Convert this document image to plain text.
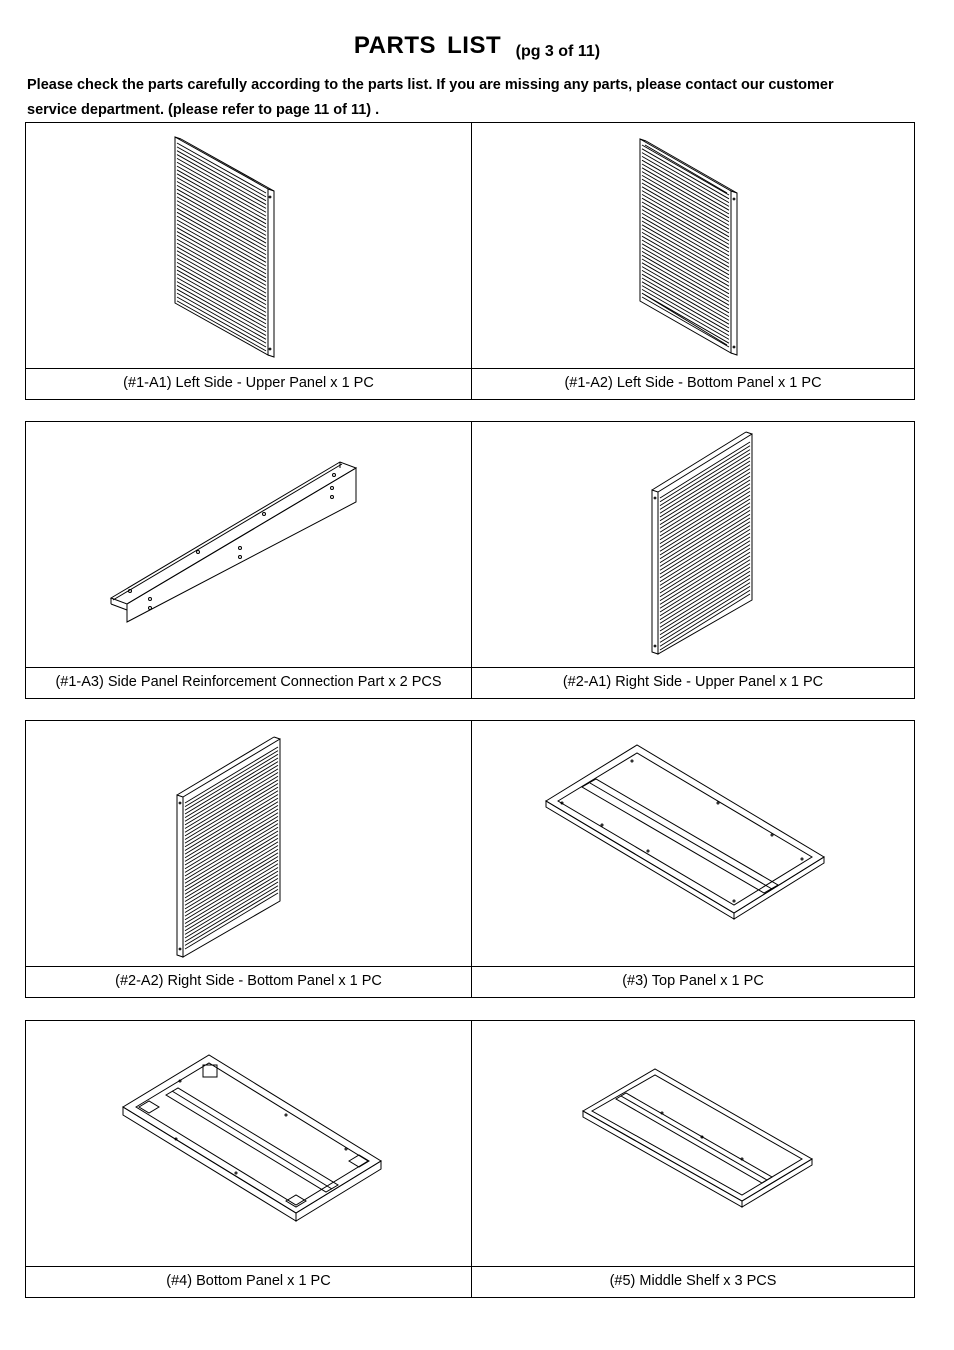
PARTS LIST (pg 3 of 11)

Please check the parts carefully according to the parts list. If you are missing any parts, please contact our customer

service department. (please refer to page 11 of 11) .

(#1-A1) Left Side - Upper Panel x 1 PC	(#1-A2) Left Side - Bottom Panel x 1 PC
(#1-A3) Side Panel Reinforcement Connection Part x 2 PCS	(#2-A1) Right Side - Upper Panel x 1 PC
(#2-A2) Right Side - Bottom Panel x 1 PC	(#3) Top Panel x 1 PC
(#4) Bottom Panel x 1 PC	(#5) Middle Shelf x 3 PCS
